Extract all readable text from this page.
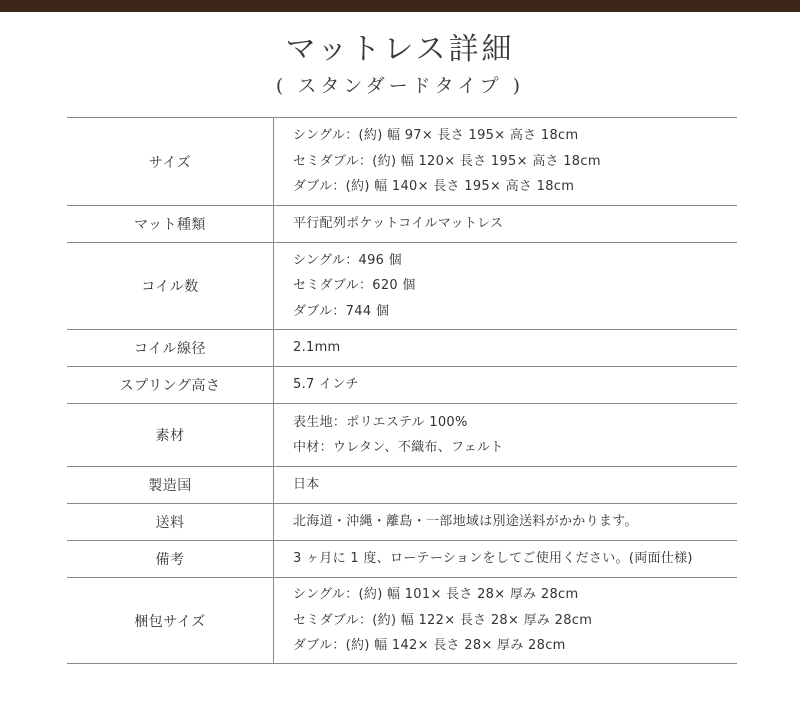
マットレス詳細
( スタンダードタイプ )
サイズ	シングル：(約) 幅 97× 長さ 195× 高さ 18cm
セミダブル：(約) 幅 120× 長さ 195× 高さ 18cm
ダブル：(約) 幅 140× 長さ 195× 高さ 18cm

マット種類	平行配列ポケットコイルマットレス

コイル数	シングル：496 個
セミダブル：620 個
ダブル：744 個

コイル線径	2.1mm

スプリング高さ	5.7 インチ

素材	表生地：ポリエステル 100%
中材：ウレタン、不織布、フェルト

製造国	日本

送料	北海道・沖縄・離島・一部地域は別途送料がかかります。

備考	3 ヶ月に 1 度、ローテーションをしてご使用ください。(両面仕様)

梱包サイズ	シングル：(約) 幅 101× 長さ 28× 厚み 28cm
セミダブル：(約) 幅 122× 長さ 28× 厚み 28cm
ダブル：(約) 幅 142× 長さ 28× 厚み 28cm
